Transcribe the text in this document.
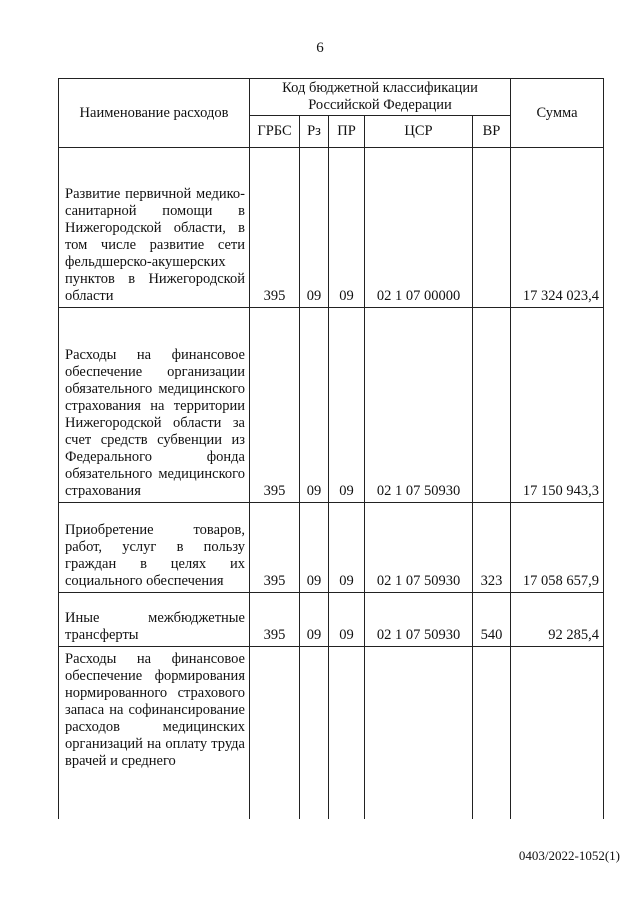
6
Наименование расходов	Код бюджетной классификации Российской Федерации					Сумма
	ГРБС	Рз	ПР	ЦСР	ВР	
Развитие первичной медико-санитарной помощи в Нижегородской области, в том числе развитие сети фельдшерско-акушерских пунктов в Нижегородской области	395	09	09	02 1 07 00000		17 324 023,4
Расходы на финансовое обеспечение организации обязательного медицинского страхования на территории Нижегородской области за счет средств субвенции из Федерального фонда обязательного медицинского страхования	395	09	09	02 1 07 50930		17 150 943,3
Приобретение товаров, работ, услуг в пользу граждан в целях их социального обеспечения	395	09	09	02 1 07 50930	323	17 058 657,9
Иные межбюджетные трансферты	395	09	09	02 1 07 50930	540	92 285,4
Расходы на финансовое обеспечение формирования нормированного страхового запаса на софинансирование расходов медицинских организаций на оплату труда врачей и среднего						
0403/2022-1052(1)
